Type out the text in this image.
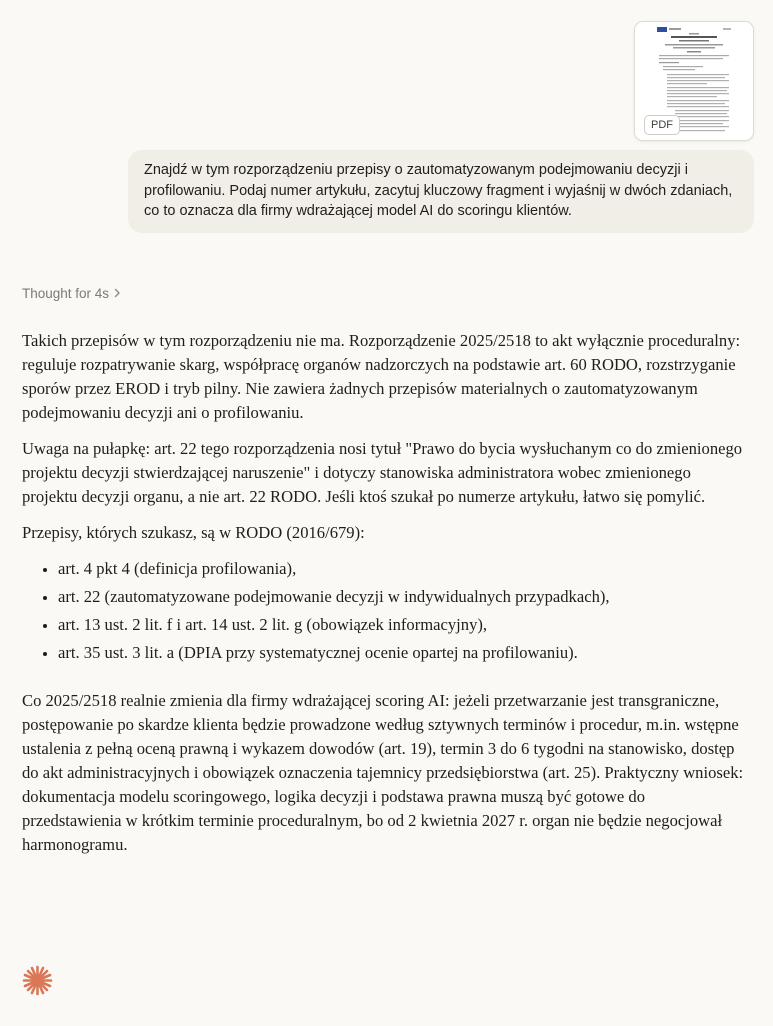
PDF
Znajdź w tym rozporządzeniu przepisy o zautomatyzowanym podejmowaniu decyzji i profilowaniu. Podaj numer artykułu, zacytuj kluczowy fragment i wyjaśnij w dwóch zdaniach, co to oznacza dla firmy wdrażającej model AI do scoringu klientów.
Thought for 4s

Takich przepisów w tym rozporządzeniu nie ma. Rozporządzenie 2025/2518 to akt wyłącznie proceduralny: reguluje rozpatrywanie skarg, współpracę organów nadzorczych na podstawie art. 60 RODO, rozstrzyganie sporów przez EROD i tryb pilny. Nie zawiera żadnych przepisów materialnych o zautomatyzowanym podejmowaniu decyzji ani o profilowaniu.

Uwaga na pułapkę: art. 22 tego rozporządzenia nosi tytuł "Prawo do bycia wysłuchanym co do zmienionego projektu decyzji stwierdzającej naruszenie" i dotyczy stanowiska administratora wobec zmienionego projektu decyzji organu, a nie art. 22 RODO. Jeśli ktoś szukał po numerze artykułu, łatwo się pomylić.

Przepisy, których szukasz, są w RODO (2016/679):

• art. 4 pkt 4 (definicja profilowania),
• art. 22 (zautomatyzowane podejmowanie decyzji w indywidualnych przypadkach),
• art. 13 ust. 2 lit. f i art. 14 ust. 2 lit. g (obowiązek informacyjny),
• art. 35 ust. 3 lit. a (DPIA przy systematycznej ocenie opartej na profilowaniu).

Co 2025/2518 realnie zmienia dla firmy wdrażającej scoring AI: jeżeli przetwarzanie jest transgraniczne, postępowanie po skardze klienta będzie prowadzone według sztywnych terminów i procedur, m.in. wstępne ustalenia z pełną oceną prawną i wykazem dowodów (art. 19), termin 3 do 6 tygodni na stanowisko, dostęp do akt administracyjnych i obowiązek oznaczenia tajemnicy przedsiębiorstwa (art. 25). Praktyczny wniosek: dokumentacja modelu scoringowego, logika decyzji i podstawa prawna muszą być gotowe do przedstawienia w krótkim terminie proceduralnym, bo od 2 kwietnia 2027 r. organ nie będzie negocjował harmonogramu.
